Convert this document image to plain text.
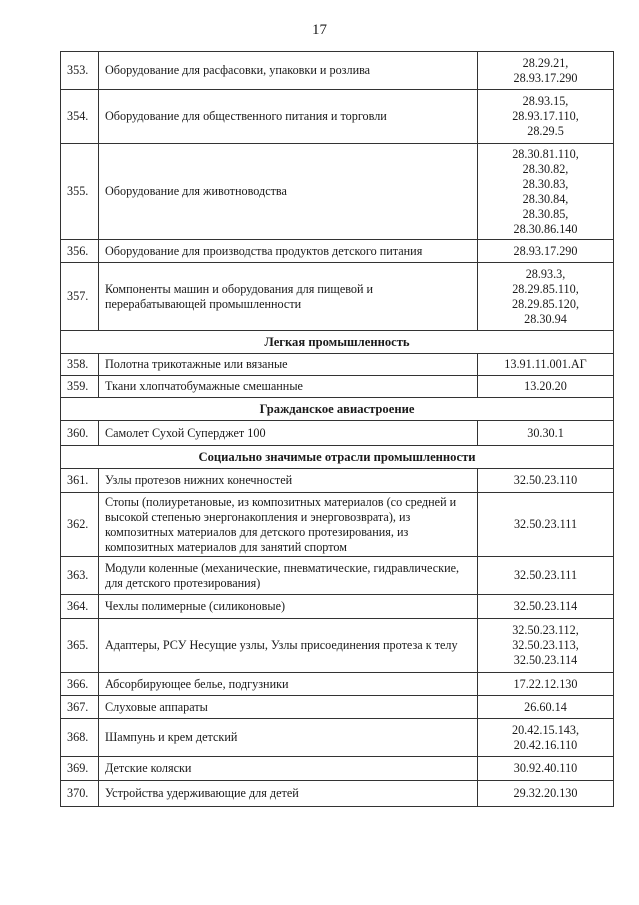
17
353.	Оборудование для расфасовки, упаковки и розлива	28.29.21,
28.93.17.290

354.	Оборудование для общественного питания и торговли	28.93.15,
28.93.17.110,
28.29.5

355.	Оборудование для животноводства	
28.30.81.110,
28.30.82,
28.30.83,
28.30.84,
28.30.85,
28.30.86.140

356.	Оборудование для производства продуктов детского питания	28.93.17.290

357.	Компоненты машин и оборудования для пищевой и перерабатывающей промышленности	28.93.3,
28.29.85.110,
28.29.85.120,
28.30.94

Легкая промышленность		
358.	Полотна трикотажные или вязаные	13.91.11.001.АГ

359.	Ткани хлопчатобумажные смешанные	13.20.20

Гражданское авиастроение		
360.	Самолет Сухой Суперджет 100	30.30.1

Социально значимые отрасли промышленности		
361.	Узлы протезов нижних конечностей	32.50.23.110

362.	Стопы (полиуретановые, из композитных материалов (со средней и высокой степенью энергонакопления и энерговозврата), из композитных материалов для детского протезирования, из композитных материалов для занятий спортом	32.50.23.111

363.	Модули коленные (механические, пневматические, гидравлические, для детского протезирования)	32.50.23.111

364.	Чехлы полимерные (силиконовые)	32.50.23.114

365.	Адаптеры, РСУ Несущие узлы, Узлы присоединения протеза к телу	32.50.23.112,
32.50.23.113,
32.50.23.114

366.	Абсорбирующее белье, подгузники	17.22.12.130

367.	Слуховые аппараты	26.60.14

368.	Шампунь и крем детский	20.42.15.143,
20.42.16.110

369.	Детские коляски	30.92.40.110

370.	Устройства удерживающие для детей	29.32.20.130
